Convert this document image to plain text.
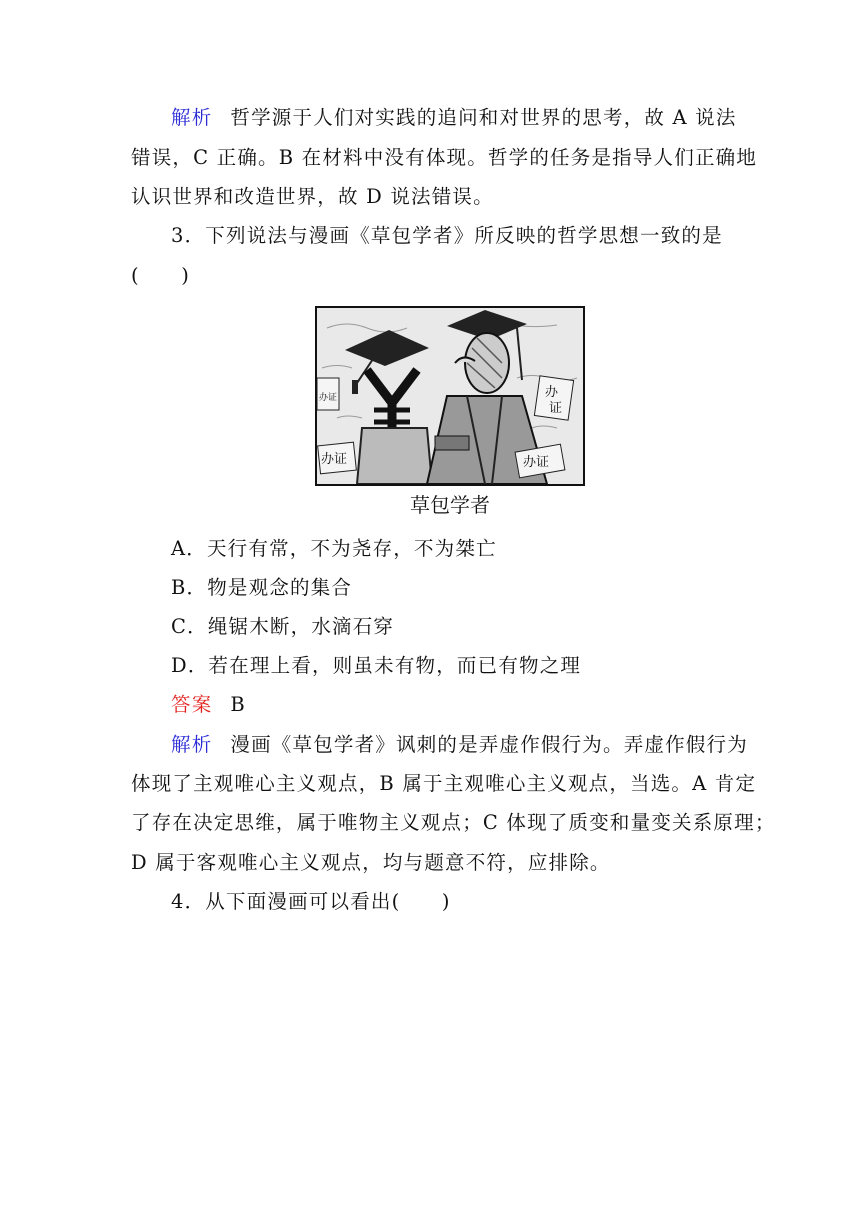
解析 哲学源于人们对实践的追问和对世界的思考，故 A 说法
错误，C 正确。B 在材料中没有体现。哲学的任务是指导人们正确地
认识世界和改造世界，故 D 说法错误。
3．下列说法与漫画《草包学者》所反映的哲学思想一致的是
(　　)
办证
办
证
办证
办证
草包学者
A．天行有常，不为尧存，不为桀亡
B．物是观念的集合
C．绳锯木断，水滴石穿
D．若在理上看，则虽未有物，而已有物之理
答案 B
解析 漫画《草包学者》讽刺的是弄虚作假行为。弄虚作假行为
体现了主观唯心主义观点，B 属于主观唯心主义观点，当选。A 肯定
了存在决定思维，属于唯物主义观点；C 体现了质变和量变关系原理；
D 属于客观唯心主义观点，均与题意不符，应排除。
4．从下面漫画可以看出(　　)
